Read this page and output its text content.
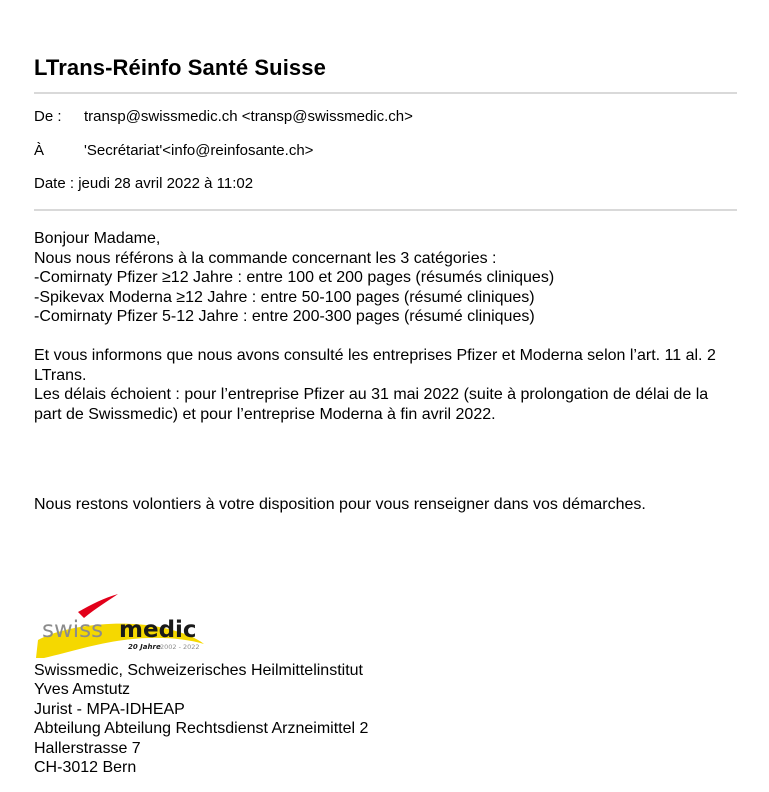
LTrans-Réinfo Santé Suisse
De : transp@swissmedic.ch <transp@swissmedic.ch>
À	'Secrétariat'<info@reinfosante.ch>
Date : jeudi 28 avril 2022 à 11:02

Bonjour Madame,

Nous nous référons à la commande concernant les 3 catégories :

-Comirnaty Pfizer ≥12 Jahre : entre 100 et 200 pages (résumés cliniques)

-Spikevax Moderna ≥12 Jahre : entre 50-100 pages (résumé cliniques)

-Comirnaty Pfizer 5-12 Jahre : entre 200-300 pages (résumé cliniques)

Et vous informons que nous avons consulté les entreprises Pfizer et Moderna selon l’art. 11 al. 2 LTrans.

Les délais échoient : pour l’entreprise Pfizer au 31 mai 2022 (suite à prolongation de délai de la part de Swissmedic) et pour l’entreprise Moderna à fin avril 2022.

Nous restons volontiers à votre disposition pour vous renseigner dans vos démarches.
swiss medic
20 Jahre 2002 - 2022
Swissmedic, Schweizerisches Heilmittelinstitut
Yves Amstutz
Jurist - MPA-IDHEAP
Abteilung Abteilung Rechtsdienst Arzneimittel 2
Hallerstrasse 7
CH-3012 Bern
